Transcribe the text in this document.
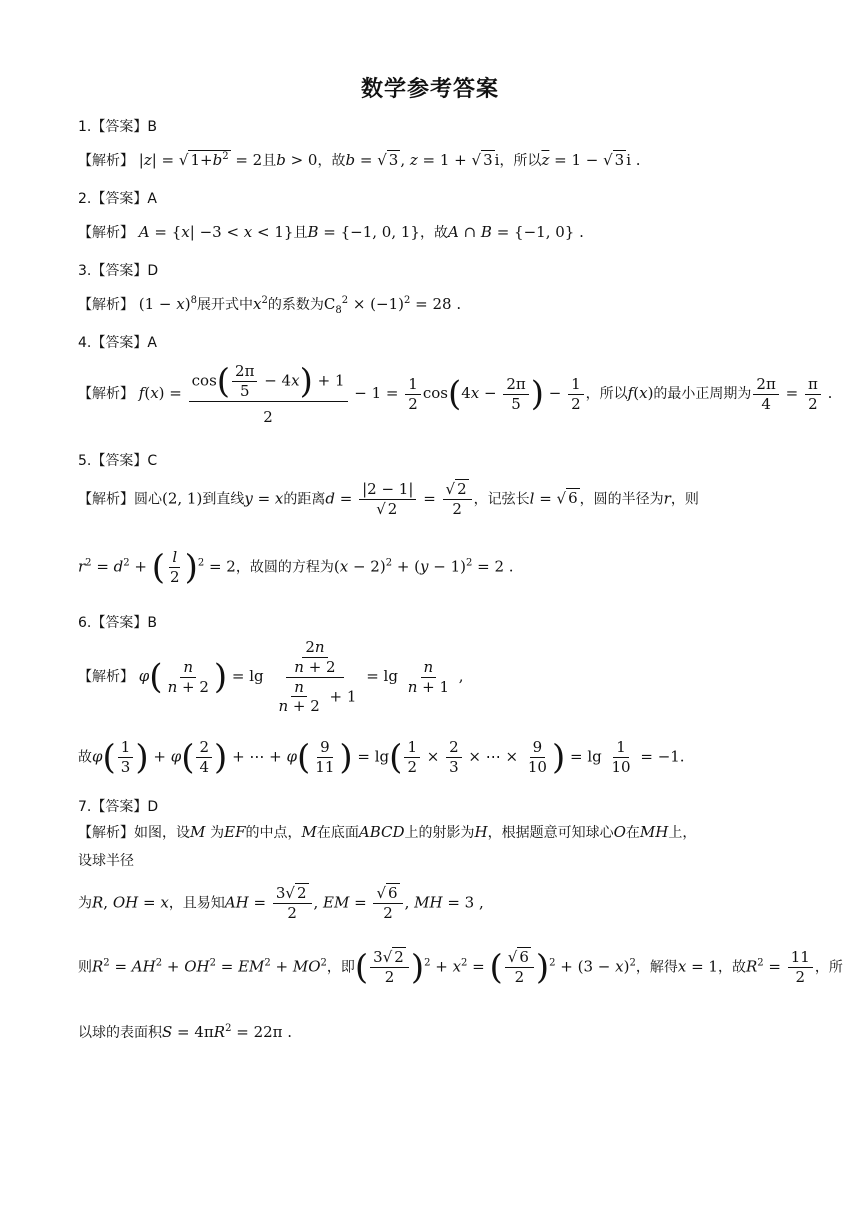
数学参考答案
1.【答案】B
【解析】 |z| = √ $1+b^2 = 2$且b > 0，故b = √ 3 , z = 1 + √ 3 i，所以$\overline{z} = 1$ − √ 3 i .
2.【答案】A
【解析】 A = {x| −3 < x < 1}且B = {−1, 0, 1}，故A ∩ B = {−1, 0} .
3.【答案】D
【解析】 $(1 - x)^8$展开式中$x^2$的系数为$C_8^2 \times (-1)^2 = 28$ .
4.【答案】A
【解析】 $f(x) = \frac{\cos( \frac{2\pi}{5} - 4x) + 1}{2} - 1 = \frac{1}{2} \cos(4x - \frac{2\pi}{5}$ ) − $\frac{1}{2}$ ，所以f(x)的最小正周期为 $\frac{2\pi}{4} = \frac{\pi}{2}$ .
5.【答案】C
【解析】圆心(2, 1)到直线y = x的距离$d = \frac{|2 - 1|}{√ 2} = \frac{√ 2}{2}$ ，记弦长l = √ 6 ，圆的半径为r，则
$r^2 = d^2$ + ( $\frac{l}{2} )^2 = 2$，故圆的方程为$(x - 2)^2 + (y - 1)^2 = 2$ .
6.【答案】B
【解析】 $\varphi( \frac{n}{n + 2}$ ) = $\lg \frac{\frac{2n}{n + 2}}{\frac{n}{n + 2} + 1} = \lg \frac{n}{n + 1}$ ,
故$\varphi( \frac{1}{3}$ ) + $\varphi( \frac{2}{4}$ ) + ⋯ + $\varphi( \frac{9}{11}$ ) = $\lg( \frac{1}{2} \times \frac{2}{3}$ × ⋯ × $\frac{9}{10}$ ) = $\lg \frac{1}{10} = -1$.
7.【答案】D
【解析】如图，设M 为EF的中点，M在底面ABCD上的射影为H，根据题意可知球心O在MH上，
设球半径
为R, OH = x，且易知AH = $\frac{3√ 2}{2}$ , EM = $\frac{√ 6}{2}$ , MH = 3 ,
则$R^2 = AH^2 + OH^2 = EM^2 + MO^2$，即( $\frac{3√ 2}{2} )^2 + x^2$ = ( $\frac{√ 6}{2} )^2 + (3 - x)^2$，解得x = 1，故$R^2 = \frac{11}{2}$ ，所
以球的表面积$S = 4\pi R^2 = 22\pi$ .
